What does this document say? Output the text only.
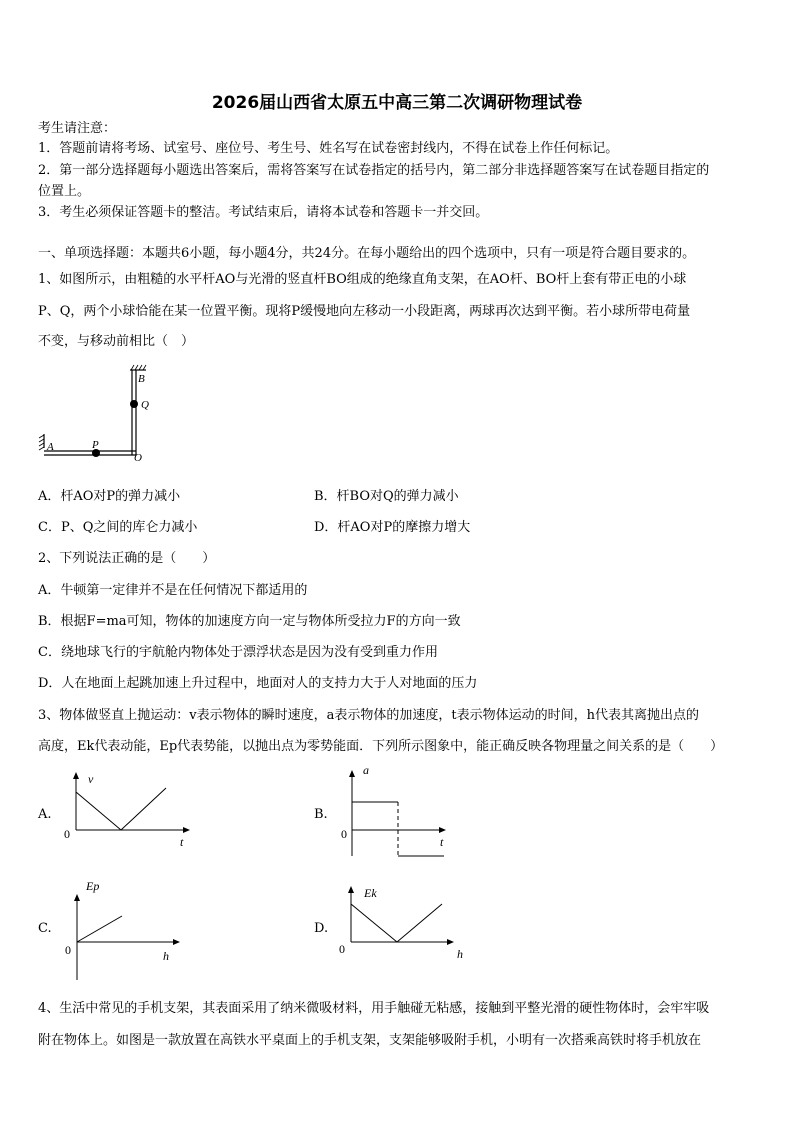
2026届山西省太原五中高三第二次调研物理试卷
考生请注意：
1．答题前请将考场、试室号、座位号、考生号、姓名写在试卷密封线内，不得在试卷上作任何标记。
2．第一部分选择题每小题选出答案后，需将答案写在试卷指定的括号内，第二部分非选择题答案写在试卷题目指定的
位置上。
3．考生必须保证答题卡的整洁。考试结束后，请将本试卷和答题卡一并交回。
一、单项选择题：本题共6小题，每小题4分，共24分。在每小题给出的四个选项中，只有一项是符合题目要求的。
1、如图所示，由粗糙的水平杆AO与光滑的竖直杆BO组成的绝缘直角支架，在AO杆、BO杆上套有带正电的小球
P、Q，两个小球恰能在某一位置平衡。现将P缓慢地向左移动一小段距离，两球再次达到平衡。若小球所带电荷量
不变，与移动前相比（　）
B
Q
A	P
O
A．杆AO对P的弹力减小	B．杆BO对Q的弹力减小
C．P、Q之间的库仑力减小	D．杆AO对P的摩擦力增大
2、下列说法正确的是（　　）
A．牛顿第一定律并不是在任何情况下都适用的
B．根据F=ma可知，物体的加速度方向一定与物体所受拉力F的方向一致
C．绕地球飞行的宇航舱内物体处于漂浮状态是因为没有受到重力作用
D．人在地面上起跳加速上升过程中，地面对人的支持力大于人对地面的压力
3、物体做竖直上抛运动：v表示物体的瞬时速度，a表示物体的加速度，t表示物体运动的时间，h代表其离抛出点的
高度，Ek代表动能，Ep代表势能，以抛出点为零势能面．下列所示图象中，能正确反映各物理量之间关系的是（　　）
A.
v
0
t
B.
a
0
t
C.
Ep
0	h
D.
Ek
0	h
4、生活中常见的手机支架，其表面采用了纳米微吸材料，用手触碰无粘感，接触到平整光滑的硬性物体时，会牢牢吸
附在物体上。如图是一款放置在高铁水平桌面上的手机支架，支架能够吸附手机，小明有一次搭乘高铁时将手机放在
